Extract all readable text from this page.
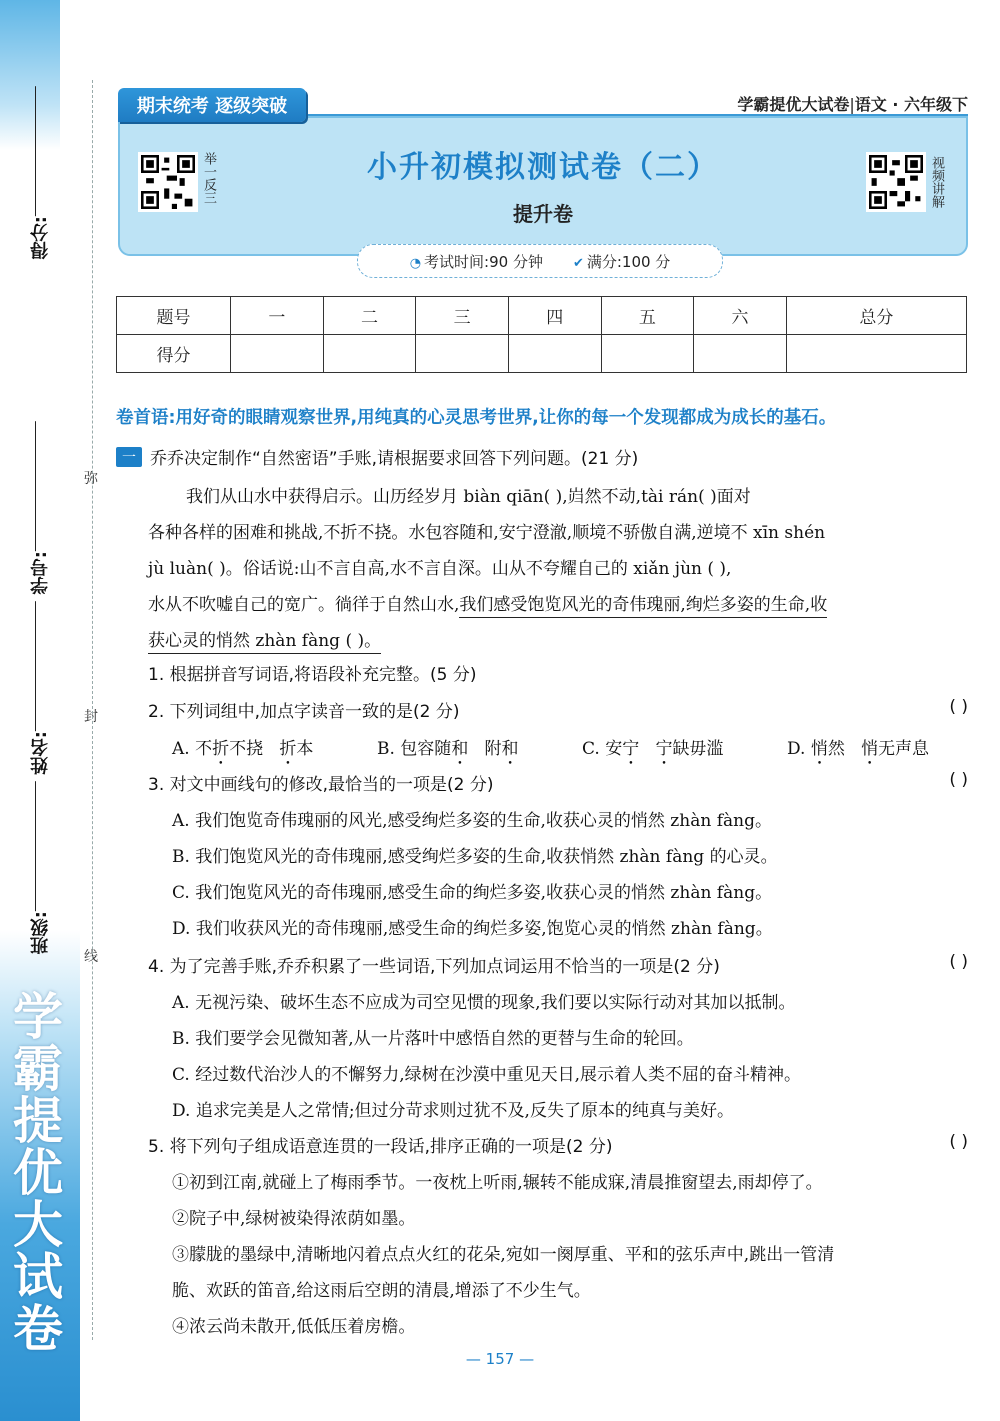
学霸提优大试卷
得分:
学号:
姓名:
班级:
弥
封
线
期末统考 逐级突破	学霸提优大试卷|语文 · 六年级下
举一反三	小升初模拟测试卷（二）
提升卷
视频讲解
◔ 考试时间:90 分钟 ✔ 满分:100 分
题号	一	二	三	四	五	六	总分
得分							
卷首语:用好奇的眼睛观察世界,用纯真的心灵思考世界,让你的每一个发现都成为成长的基石。
一 乔乔决定制作“自然密语”手账,请根据要求回答下列问题。(21 分)
我们从山水中获得启示。山历经岁月 biàn qiān( ),岿然不动,tài rán( )面对
各种各样的困难和挑战,不折不挠。水包容随和,安宁澄澈,顺境不骄傲自满,逆境不 xīn shén
jù luàn( )。俗话说:山不言自高,水不言自深。山从不夸耀自己的 xiǎn jùn ( ),
水从不吹嘘自己的宽广。徜徉于自然山水,我们感受饱览风光的奇伟瑰丽,绚烂多姿的生命,收
获心灵的悄然 zhàn fàng ( )。
1. 根据拼音写词语,将语段补充完整。(5 分)
2. 下列词组中,加点字读音一致的是(2 分)	( )
A. 不折不挠   折本	B. 包容随和   附和	C. 安宁 宁缺毋滥	D. 悄然   悄无声息
3. 对文中画线句的修改,最恰当的一项是(2 分)	( )
A. 我们饱览奇伟瑰丽的风光,感受绚烂多姿的生命,收获心灵的悄然 zhàn fàng。
B. 我们饱览风光的奇伟瑰丽,感受绚烂多姿的生命,收获悄然 zhàn fàng 的心灵。
C. 我们饱览风光的奇伟瑰丽,感受生命的绚烂多姿,收获心灵的悄然 zhàn fàng。
D. 我们收获风光的奇伟瑰丽,感受生命的绚烂多姿,饱览心灵的悄然 zhàn fàng。
4. 为了完善手账,乔乔积累了一些词语,下列加点词运用不恰当的一项是(2 分)	( )
A. 无视污染、破坏生态不应成为司空见惯的现象,我们要以实际行动对其加以抵制。
B. 我们要学会见微知著,从一片落叶中感悟自然的更替与生命的轮回。
C. 经过数代治沙人的不懈努力,绿树在沙漠中重见天日,展示着人类不屈的奋斗精神。
D. 追求完美是人之常情;但过分苛求则过犹不及,反失了原本的纯真与美好。
5. 将下列句子组成语意连贯的一段话,排序正确的一项是(2 分)	( )
①初到江南,就碰上了梅雨季节。一夜枕上听雨,辗转不能成寐,清晨推窗望去,雨却停了。
②院子中,绿树被染得浓荫如墨。
③朦胧的墨绿中,清晰地闪着点点火红的花朵,宛如一阕厚重、平和的弦乐声中,跳出一管清
脆、欢跃的笛音,给这雨后空朗的清晨,增添了不少生气。
④浓云尚未散开,低低压着房檐。
— 157 —
